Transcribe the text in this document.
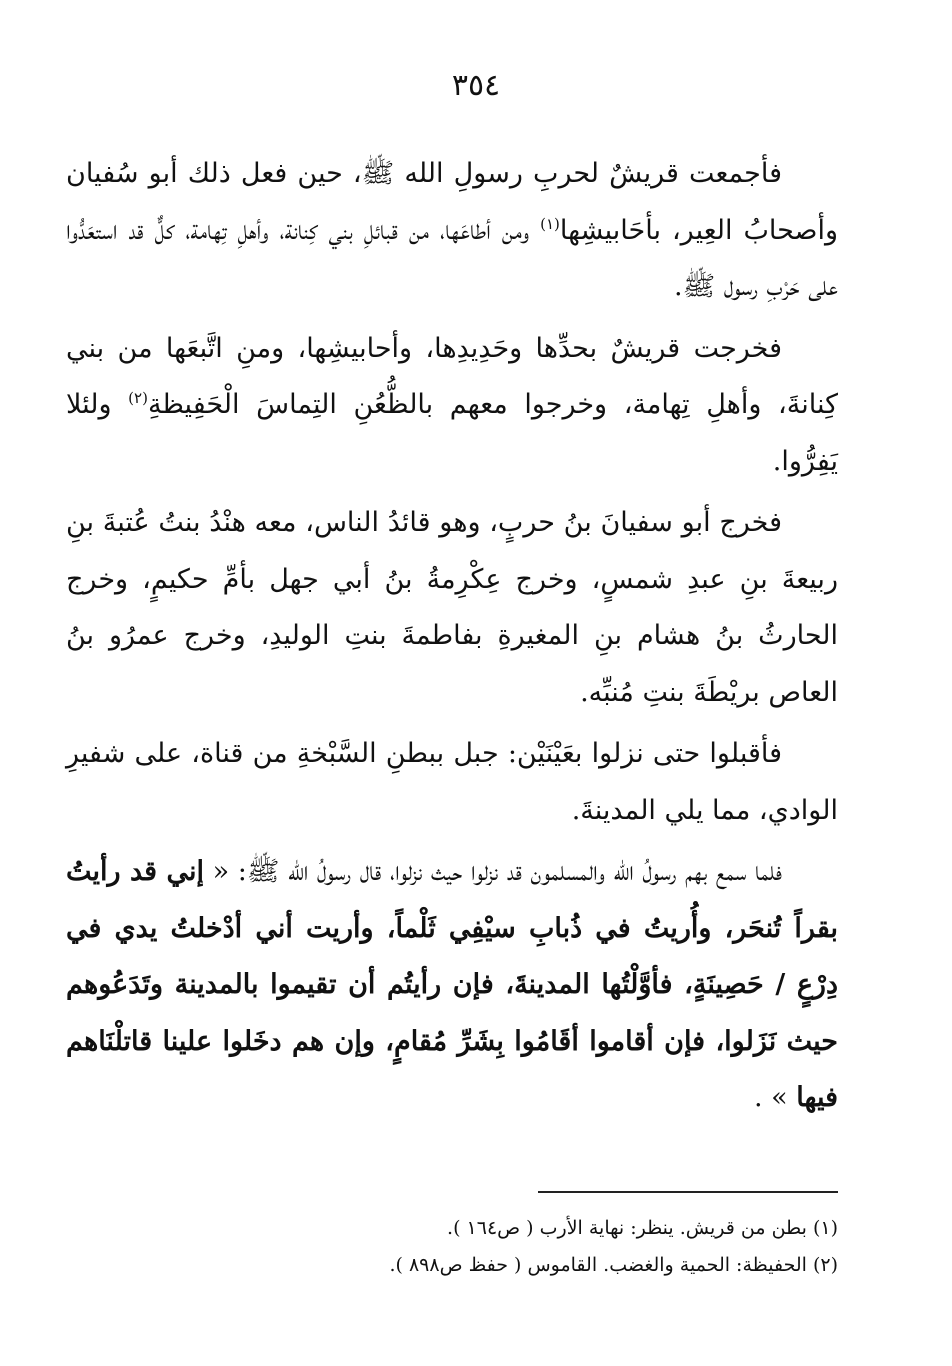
٣٥٤

فأجمعت قريشٌ لحربِ رسولِ الله ﷺ، حين فعل ذلك أبو سُفيان وأصحابُ العِير، بأحَابيشِها$^{(١)}$ ومن أطاعَها، من قبائلِ بني كِنانة، وأهلِ تِهامة، كلٌّ قد استعَدُّوا على حَرْبِ رسول ﷺ.

فخرجت قريشٌ بحدِّها وحَدِيدِها، وأحابيشِها، ومنِ اتَّبعَها من بني كِنانةَ، وأهلِ تِهامة، وخرجوا معهم بالظُّعُنِ التِماسَ الْحَفِيظةِ$^{(٢)}$ ولئلا يَفِرُّوا.

فخرج أبو سفيانَ بنُ حربٍ، وهو قائدُ الناس، معه هنْدُ بنتُ عُتبةَ بنِ ربيعةَ بنِ عبدِ شمسٍ، وخرج عِكْرِمةُ بنُ أبي جهل بأمِّ حكيمٍ، وخرج الحارثُ بنُ هشام بنِ المغيرةِ بفاطمةَ بنتِ الوليدِ، وخرج عمرُو بنُ العاص بريْطَةَ بنتِ مُنبِّه.

فأقبلوا حتى نزلوا بعَيْنَيْن: جبل ببطنِ السَّبْخةِ من قناة، على شفيرِ الوادي، مما يلي المدينةَ.

فلما سمع بهم رسولُ الله والمسلمون قد نزلوا حيث نزلوا، قال رسولُ الله ﷺ: « إني قد رأيتُ بقراً تُنحَر، وأُريتُ في ذُبابِ سيْفِي ثَلْماً، وأريت أني أدْخلتُ يدي في دِرْعٍ / حَصِينَةٍ، فأوَّلْتُها المدينةَ، فإن رأيتُم أن تقيموا بالمدينة وتَدَعُوهم حيث نَزَلوا، فإن أقاموا أقَامُوا بِشَرِّ مُقامٍ، وإن هم دخَلوا علينا قاتلْنَاهم فيها » .

(١) بطن من قريش. ينظر: نهاية الأرب ( ص١٦٤ ).

(٢) الحفيظة: الحمية والغضب. القاموس ( حفظ ص٨٩٨ ).
